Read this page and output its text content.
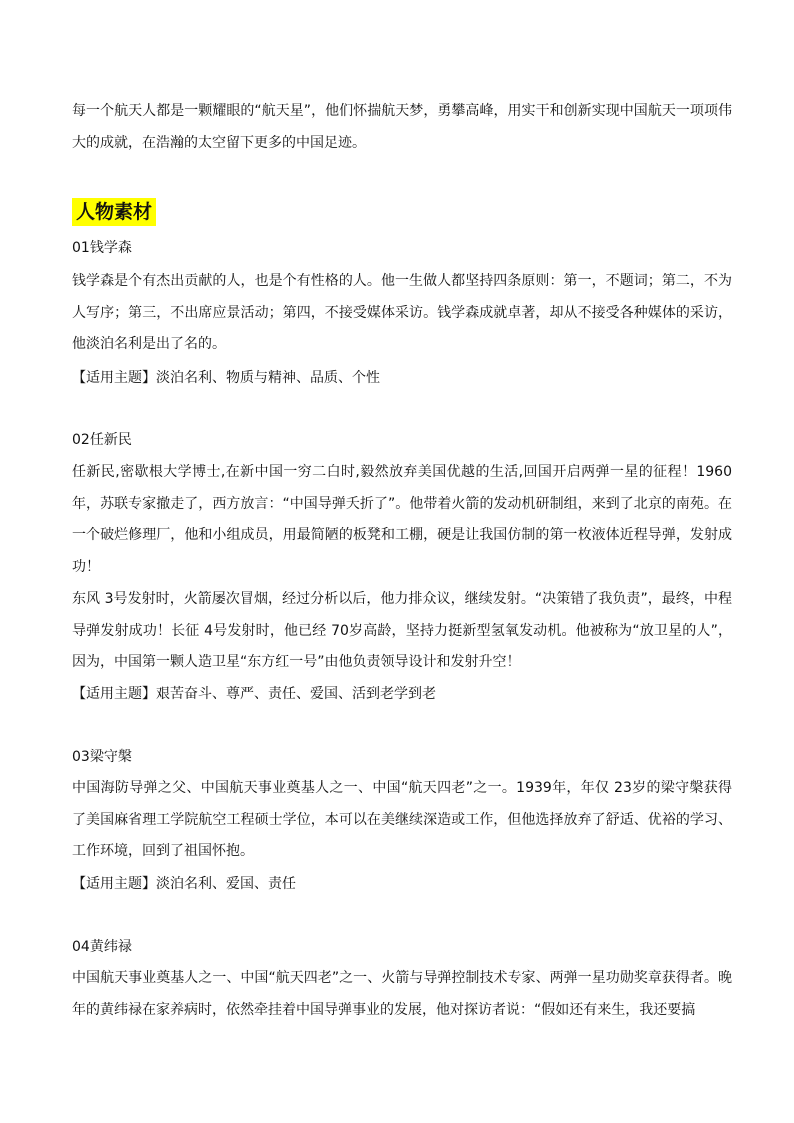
每一个航天人都是一颗耀眼的“航天星”，他们怀揣航天梦，勇攀高峰，用实干和创新实现中国航天一项项伟大的成就，在浩瀚的太空留下更多的中国足迹。

人物素材

01钱学森

钱学森是个有杰出贡献的人，也是个有性格的人。他一生做人都坚持四条原则：第一，不题词；第二，不为人写序；第三，不出席应景活动；第四，不接受媒体采访。钱学森成就卓著，却从不接受各种媒体的采访，他淡泊名利是出了名的。

【适用主题】淡泊名利、物质与精神、品质、个性

02任新民

任新民,密歇根大学博士,在新中国一穷二白时,毅然放弃美国优越的生活,回国开启两弹一星的征程！1960年，苏联专家撤走了，西方放言：“中国导弹夭折了”。他带着火箭的发动机研制组，来到了北京的南苑。在一个破烂修理厂，他和小组成员，用最简陋的板凳和工棚，硬是让我国仿制的第一枚液体近程导弹，发射成功！

东风 3号发射时，火箭屡次冒烟，经过分析以后，他力排众议，继续发射。“决策错了我负责”，最终，中程导弹发射成功！长征 4号发射时，他已经 70岁高龄，坚持力挺新型氢氧发动机。他被称为“放卫星的人”，因为，中国第一颗人造卫星“东方红一号”由他负责领导设计和发射升空！

【适用主题】艰苦奋斗、尊严、责任、爱国、活到老学到老

03梁守槃

中国海防导弹之父、中国航天事业奠基人之一、中国“航天四老”之一。1939年，年仅 23岁的梁守槃获得了美国麻省理工学院航空工程硕士学位，本可以在美继续深造或工作，但他选择放弃了舒适、优裕的学习、工作环境，回到了祖国怀抱。

【适用主题】淡泊名利、爱国、责任

04黄纬禄

中国航天事业奠基人之一、中国“航天四老”之一、火箭与导弹控制技术专家、两弹一星功勋奖章获得者。晚年的黄纬禄在家养病时，依然牵挂着中国导弹事业的发展，他对探访者说：“假如还有来生，我还要搞
